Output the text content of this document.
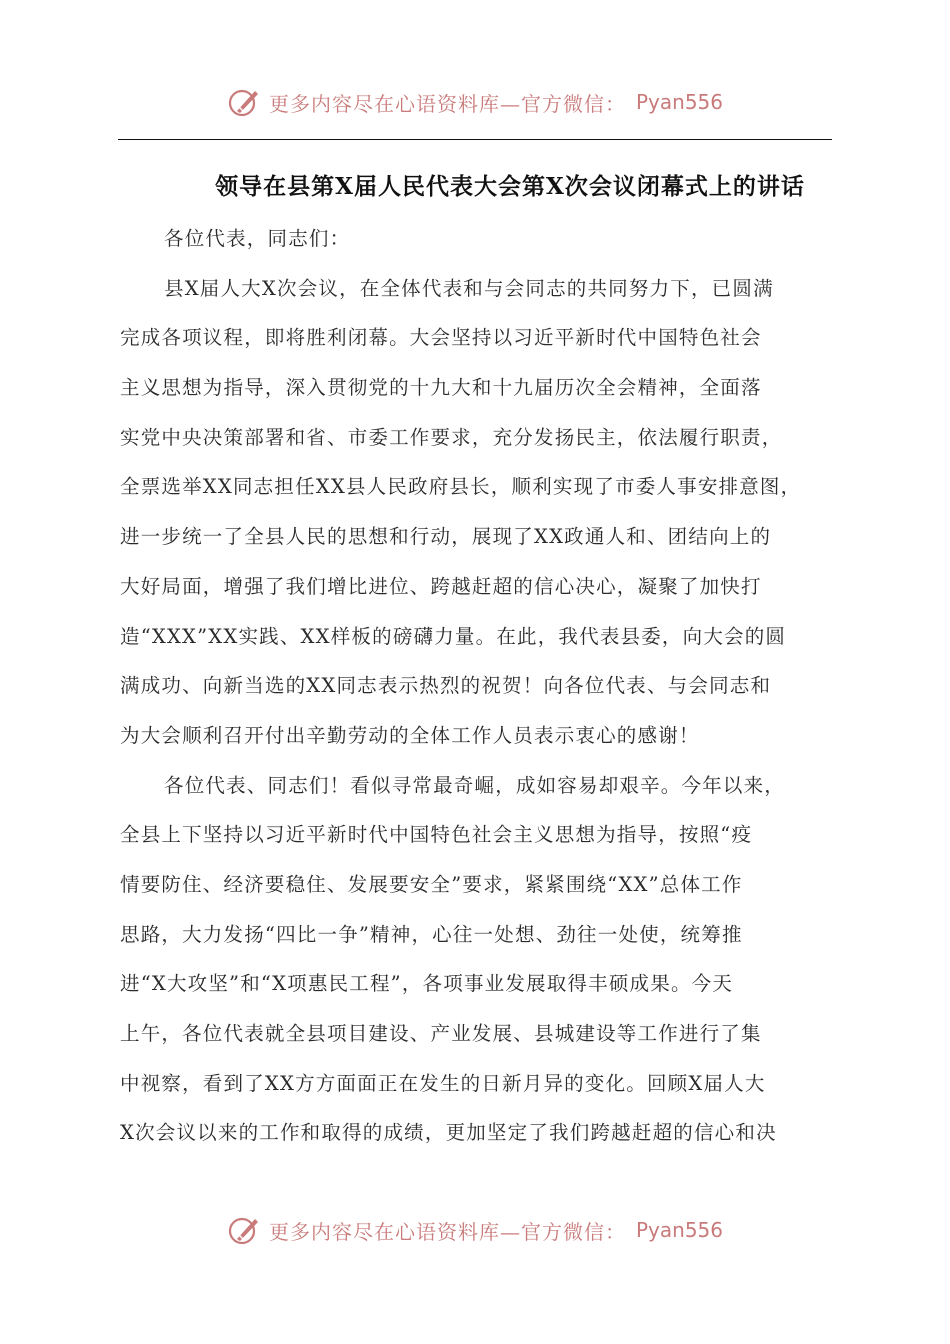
更多内容尽在心语资料库—官方微信： Pyan556
领导在县第X届人民代表大会第X次会议闭幕式上的讲话
各位代表，同志们：
县X届人大X次会议，在全体代表和与会同志的共同努力下，已圆满
完成各项议程，即将胜利闭幕。大会坚持以习近平新时代中国特色社会
主义思想为指导，深入贯彻党的十九大和十九届历次全会精神，全面落
实党中央决策部署和省、市委工作要求，充分发扬民主，依法履行职责，
全票选举XX同志担任XX县人民政府县长，顺利实现了市委人事安排意图，
进一步统一了全县人民的思想和行动，展现了XX政通人和、团结向上的
大好局面，增强了我们增比进位、跨越赶超的信心决心，凝聚了加快打
造“XXX”XX实践、XX样板的磅礴力量。在此，我代表县委，向大会的圆
满成功、向新当选的XX同志表示热烈的祝贺！向各位代表、与会同志和
为大会顺利召开付出辛勤劳动的全体工作人员表示衷心的感谢！
各位代表、同志们！看似寻常最奇崛，成如容易却艰辛。今年以来，
全县上下坚持以习近平新时代中国特色社会主义思想为指导，按照“疫
情要防住、经济要稳住、发展要安全”要求，紧紧围绕“XX”总体工作
思路，大力发扬“四比一争”精神，心往一处想、劲往一处使，统筹推
进“X大攻坚”和“X项惠民工程”，各项事业发展取得丰硕成果。今天
上午，各位代表就全县项目建设、产业发展、县城建设等工作进行了集
中视察，看到了XX方方面面正在发生的日新月异的变化。回顾X届人大
X次会议以来的工作和取得的成绩，更加坚定了我们跨越赶超的信心和决
更多内容尽在心语资料库—官方微信： Pyan556
